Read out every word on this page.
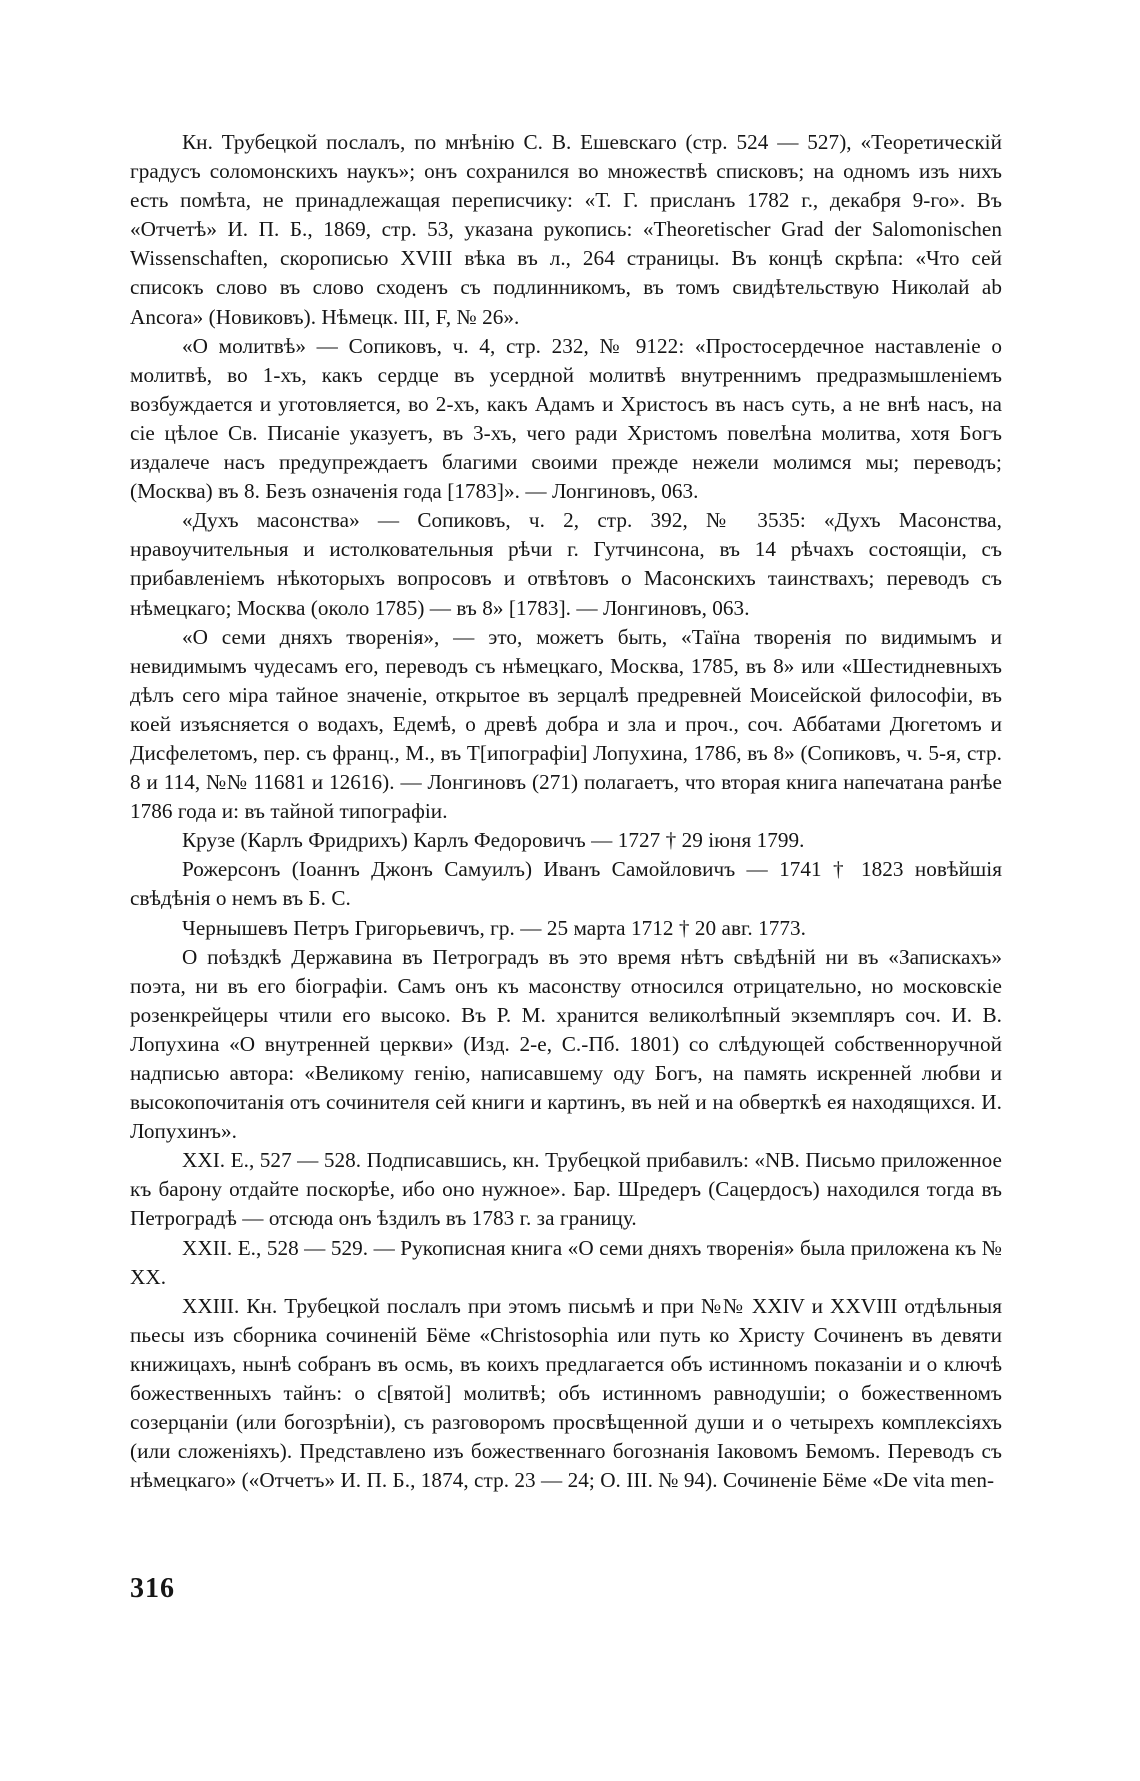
Кн. Трубецкой послалъ, по мнѣнію С. В. Ешевскаго (стр. 524 — 527), «Теоретическій градусъ соломонскихъ наукъ»; онъ сохранился во множествѣ списковъ; на одномъ изъ нихъ есть помѣта, не принадлежащая переписчику: «Т. Г. присланъ 1782 г., декабря 9-го». Въ «Отчетѣ» И. П. Б., 1869, стр. 53, указана рукопись: «Theoretischer Grad der Salomonischen Wissenschaften, скорописью XVIII вѣка въ л., 264 страницы. Въ концѣ скрѣпа: «Что сей списокъ слово въ слово сходенъ съ подлинникомъ, въ томъ свидѣтельствую Николай ab Ancora» (Новиковъ). Нѣмецк. III, F, № 26».

«О молитвѣ» — Сопиковъ, ч. 4, стр. 232, № 9122: «Простосердечное наставленіе о молитвѣ, во 1-хъ, какъ сердце въ усердной молитвѣ внутреннимъ предразмышленіемъ возбуждается и уготовляется, во 2-хъ, какъ Адамъ и Христосъ въ насъ суть, а не внѣ насъ, на сіе цѣлое Св. Писаніе указуетъ, въ 3-хъ, чего ради Христомъ повелѣна молитва, хотя Богъ издалече насъ предупреждаетъ благими своими прежде нежели молимся мы; переводъ; (Москва) въ 8. Безъ означенія года [1783]». — Лонгиновъ, 063.

«Духъ масонства» — Сопиковъ, ч. 2, стр. 392, № 3535: «Духъ Масонства, нравоучительныя и истолковательныя рѣчи г. Гутчинсона, въ 14 рѣчахъ состоящіи, съ прибавленіемъ нѣкоторыхъ вопросовъ и отвѣтовъ о Масонскихъ таинствахъ; переводъ съ нѣмецкаго; Москва (около 1785) — въ 8» [1783]. — Лонгиновъ, 063.

«О семи дняхъ творенія», — это, можетъ быть, «Таїна творенія по видимымъ и невидимымъ чудесамъ его, переводъ съ нѣмецкаго, Москва, 1785, въ 8» или «Шестидневныхъ дѣлъ сего міра тайное значеніе, открытое въ зерцалѣ предревней Моисейской философіи, въ коей изъясняется о водахъ, Едемѣ, о древѣ добра и зла и проч., соч. Аббатами Дюгетомъ и Дисфелетомъ, пер. съ франц., М., въ Т[ипографіи] Лопухина, 1786, въ 8» (Сопиковъ, ч. 5-я, стр. 8 и 114, №№ 11681 и 12616). — Лонгиновъ (271) полагаетъ, что вторая книга напечатана ранѣе 1786 года и: въ тайной типографіи.

Крузе (Карлъ Фридрихъ) Карлъ Федоровичъ — 1727 † 29 іюня 1799.

Рожерсонъ (Іоаннъ Джонъ Самуилъ) Иванъ Самойловичъ — 1741 † 1823 новѣйшія свѣдѣнія о немъ въ Б. С.

Чернышевъ Петръ Григорьевичъ, гр. — 25 марта 1712 † 20 авг. 1773.

О поѣздкѣ Державина въ Петроградъ въ это время нѣтъ свѣдѣній ни въ «Запискахъ» поэта, ни въ его біографіи. Самъ онъ къ масонству относился отрицательно, но московскіе розенкрейцеры чтили его высоко. Въ Р. М. хранится великолѣпный экземпляръ соч. И. В. Лопухина «О внутренней церкви» (Изд. 2-е, С.-Пб. 1801) со слѣдующей собственноручной надписью автора: «Великому генію, написавшему оду Богъ, на память искренней любви и высокопочитанія отъ сочинителя сей книги и картинъ, въ ней и на обверткѣ ея находящихся. И. Лопухинъ».

XXI. Е., 527 — 528. Подписавшись, кн. Трубецкой прибавилъ: «NB. Письмо приложенное къ барону отдайте поскорѣе, ибо оно нужное». Бар. Шредеръ (Сацердосъ) находился тогда въ Петроградѣ — отсюда онъ ѣздилъ въ 1783 г. за границу.

XXII. Е., 528 — 529. — Рукописная книга «О семи дняхъ творенія» была приложена къ № XX.

XXIII. Кн. Трубецкой послалъ при этомъ письмѣ и при №№ XXIV и XXVIII отдѣльныя пьесы изъ сборника сочиненій Бёме «Christosophia или путь ко Христу Сочиненъ въ девяти книжицахъ, нынѣ собранъ въ осмь, въ коихъ предлагается объ истинномъ показаніи и о ключѣ божественныхъ тайнъ: о с[вятой] молитвѣ; объ истинномъ равнодушіи; о божественномъ созерцаніи (или богозрѣніи), съ разговоромъ просвѣщенной души и о четырехъ комплексіяхъ (или сложеніяхъ). Представлено изъ божественнаго богознанія Іаковомъ Бемомъ. Переводъ съ нѣмецкаго» («Отчетъ» И. П. Б., 1874, стр. 23 — 24; О. III. № 94). Сочиненіе Бёме «De vita men-

316
